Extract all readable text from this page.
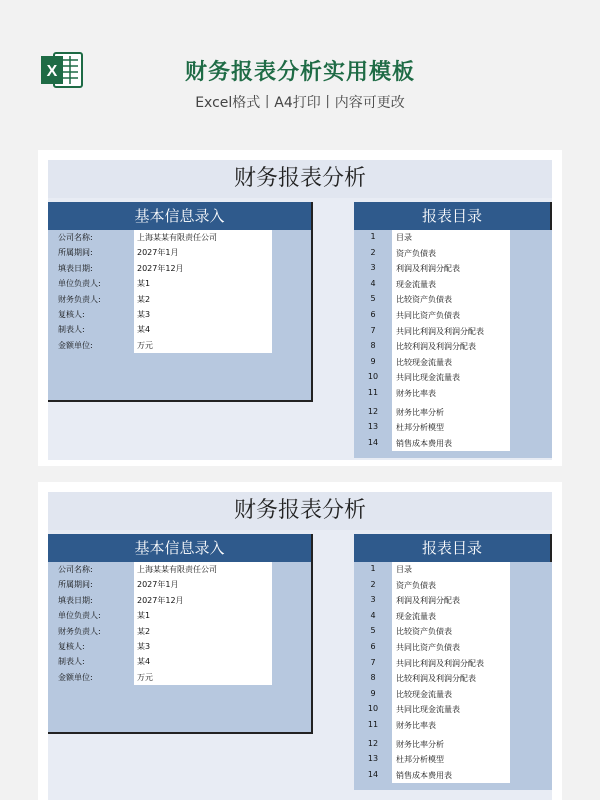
X	财务报表分析实用模板
Excel格式丨A4打印丨内容可更改
财务报表分析
基本信息录入
公司名称:	上海某某有限责任公司
所属期间:	2027年1月
填表日期:	2027年12月
单位负责人:	某1
财务负责人:	某2
复核人:	某3
制表人:	某4
金额单位:	万元
报表目录
1	目录
2	资产负债表
3	利润及利润分配表
4	现金流量表
5	比较资产负债表
6	共同比资产负债表
7	共同比利润及利润分配表
8	比较利润及利润分配表
9	比较现金流量表
10	共同比现金流量表
11	财务比率表
12	财务比率分析
13	杜邦分析模型
14	销售成本费用表
财务报表分析
基本信息录入
公司名称:	上海某某有限责任公司
所属期间:	2027年1月
填表日期:	2027年12月
单位负责人:	某1
财务负责人:	某2
复核人:	某3
制表人:	某4
金额单位:	万元
报表目录
1	目录
2	资产负债表
3	利润及利润分配表
4	现金流量表
5	比较资产负债表
6	共同比资产负债表
7	共同比利润及利润分配表
8	比较利润及利润分配表
9	比较现金流量表
10	共同比现金流量表
11	财务比率表
12	财务比率分析
13	杜邦分析模型
14	销售成本费用表
